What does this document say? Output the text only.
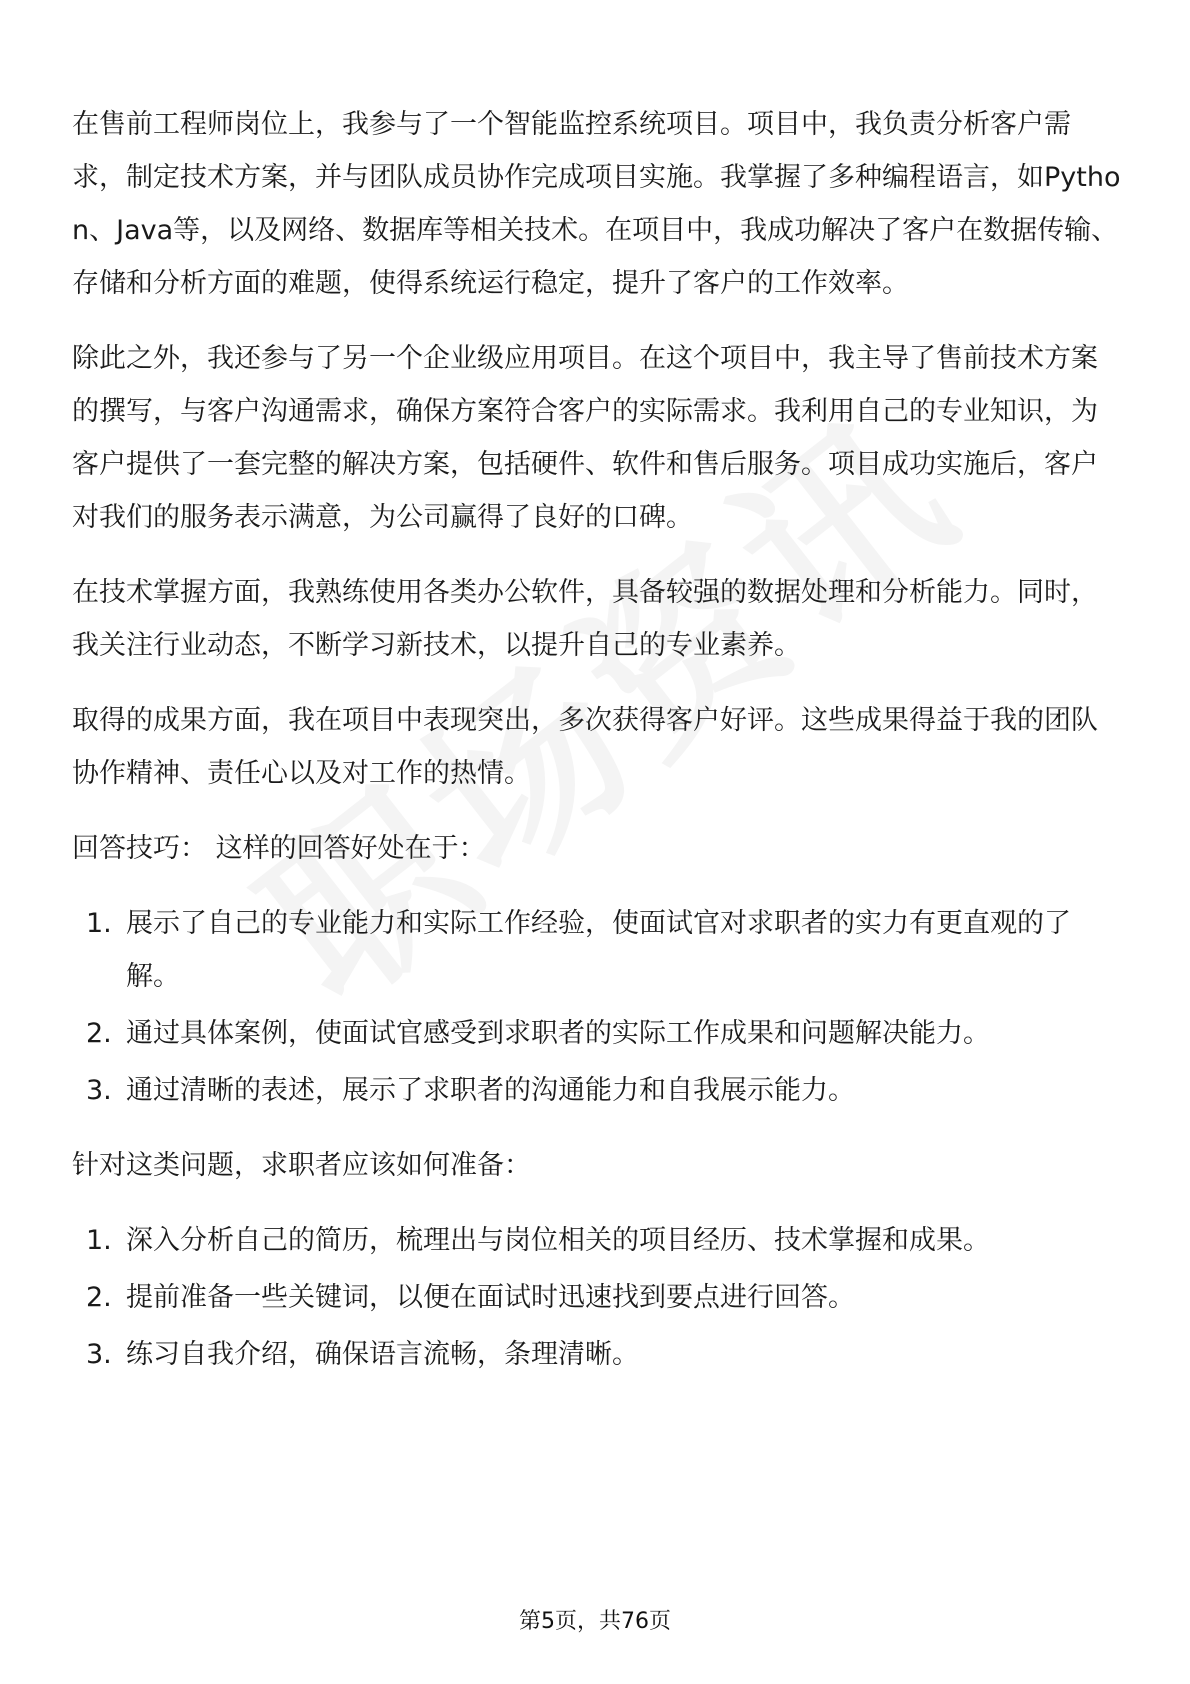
在售前工程师岗位上，我参与了一个智能监控系统项目。项目中，我负责分析客户需求，制定技术方案，并与团队成员协作完成项目实施。我掌握了多种编程语言，如Python、Java等，以及网络、数据库等相关技术。在项目中，我成功解决了客户在数据传输、存储和分析方面的难题，使得系统运行稳定，提升了客户的工作效率。

除此之外，我还参与了另一个企业级应用项目。在这个项目中，我主导了售前技术方案的撰写，与客户沟通需求，确保方案符合客户的实际需求。我利用自己的专业知识，为客户提供了一套完整的解决方案，包括硬件、软件和售后服务。项目成功实施后，客户对我们的服务表示满意，为公司赢得了良好的口碑。

在技术掌握方面，我熟练使用各类办公软件，具备较强的数据处理和分析能力。同时，我关注行业动态，不断学习新技术，以提升自己的专业素养。

取得的成果方面，我在项目中表现突出，多次获得客户好评。这些成果得益于我的团队协作精神、责任心以及对工作的热情。

回答技巧： 这样的回答好处在于：

1. 展示了自己的专业能力和实际工作经验，使面试官对求职者的实力有更直观的了解。
2. 通过具体案例，使面试官感受到求职者的实际工作成果和问题解决能力。
3. 通过清晰的表述，展示了求职者的沟通能力和自我展示能力。

针对这类问题，求职者应该如何准备：

1. 深入分析自己的简历，梳理出与岗位相关的项目经历、技术掌握和成果。
2. 提前准备一些关键词，以便在面试时迅速找到要点进行回答。
3. 练习自我介绍，确保语言流畅，条理清晰。
第5页，共76页
